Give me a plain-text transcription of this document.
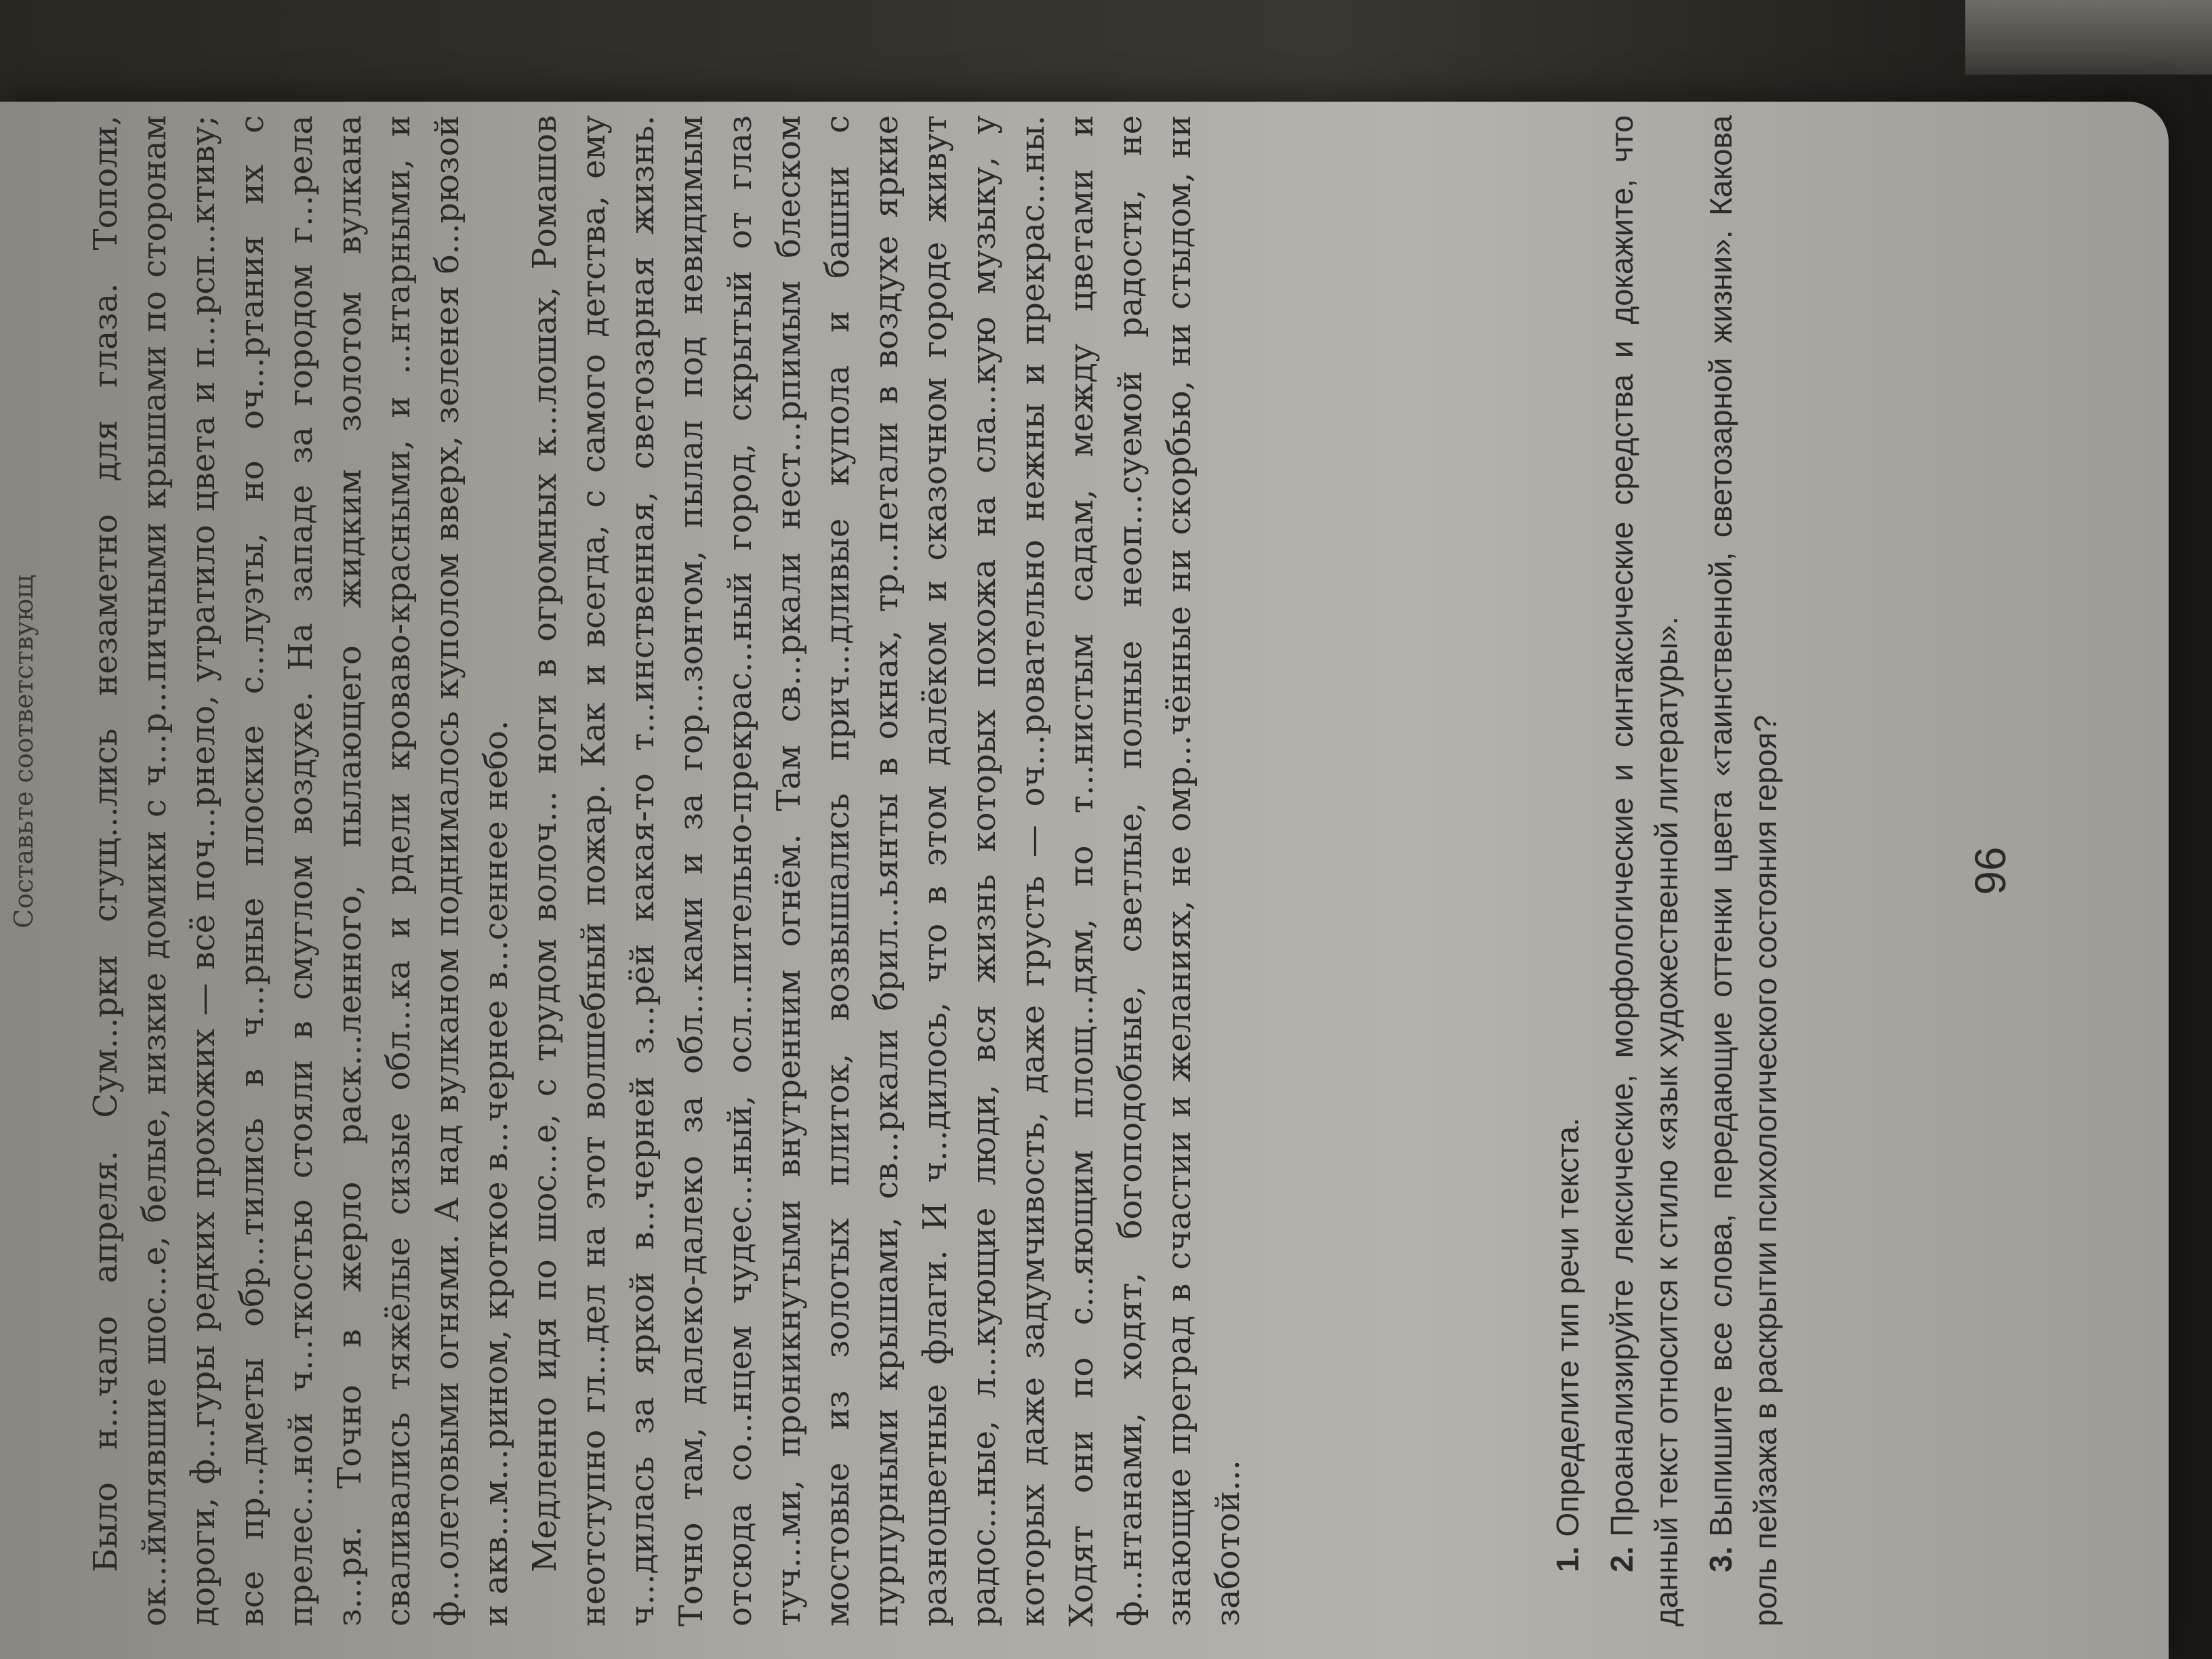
Составьте соответствующ Было н...чало апреля. Сум...рки сгущ...лись незаметно для глаза. Тополи, ок...ймлявшие шос...е, белые, низкие домики с ч...р...пичными крышами по сторонам дороги, ф...гуры редких прохожих — всё поч...рнело, утратило цвета и п...рсп...ктиву; все пр...дметы обр...тились в ч...рные плоские с...луэты, но оч...ртания их с прелес...ной ч...ткостью стояли в смуглом воздухе. На западе за городом г...рела з...ря. Точно в жерло раск...ленного, пылающего жидким золотом вулкана сваливались тяжёлые сизые обл...ка и рдели кроваво-красными, и ...нтарными, и ф...олетовыми огнями. А над вулканом поднималось куполом вверх, зеленея б...рюзой и акв...м...рином, кроткое в...чернее в...сеннее небо. Медленно идя по шос...е, с трудом волоч... ноги в огромных к...лошах, Ромашов неотступно гл...дел на этот волшебный пожар. Как и всегда, с самого детства, ему ч...дилась за яркой в...черней з...рёй какая-то т...инственная, светозарная жизнь. Точно там, далеко-далеко за обл...ками и за гор...зонтом, пылал под невидимым отсюда со...нцем чудес...ный, осл...пительно-прекрас...ный город, скрытый от глаз туч...ми, проникнутыми внутренним огнём. Там св...ркали нест...рпимым блеском мостовые из золотых плиток, возвышались прич...дливые купола и башни с пурпурными крышами, св...ркали брил...ьянты в окнах, тр...петали в воздухе яркие разноцветные флаги. И ч...дилось, что в этом далёком и сказочном городе живут радос...ные, л...кующие люди, вся жизнь которых похожа на сла...кую музыку, у которых даже задумчивость, даже грусть — оч...ровательно нежны и прекрас...ны. Ходят они по с...яющим площ...дям, по т...нистым садам, между цветами и ф...нтанами, ходят, богоподобные, светлые, полные неоп...суемой радости, не знающие преград в счастии и желаниях, не омр...чённые ни скорбью, ни стыдом, ни заботой...	1.Определите тип речи текста.

2.Проанализируйте лексические, морфологические и синтаксические средства и докажите, что данный текст относится к стилю «язык художественной литературы». 3.Выпишите все слова, передающие оттенки цвета «таинственной, светозарной жизни». Какова роль пейзажа в раскрытии психологического состояния героя?	96
